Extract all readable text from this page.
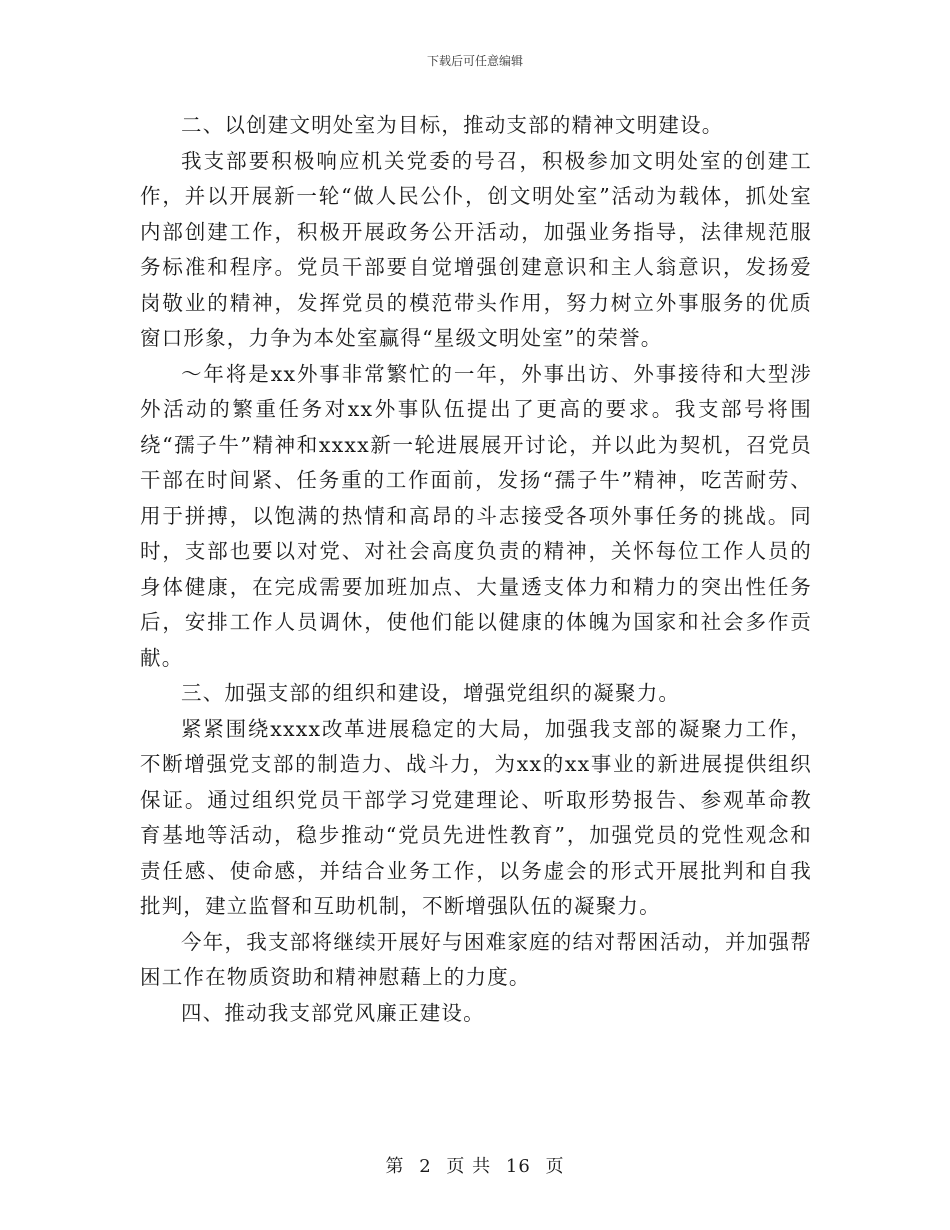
下载后可任意编辑

二、以创建文明处室为目标，推动支部的精神文明建设。

我支部要积极响应机关党委的号召，积极参加文明处室的创建工作，并以开展新一轮“做人民公仆，创文明处室”活动为载体，抓处室内部创建工作，积极开展政务公开活动，加强业务指导，法律规范服务标准和程序。党员干部要自觉增强创建意识和主人翁意识，发扬爱岗敬业的精神，发挥党员的模范带头作用，努力树立外事服务的优质窗口形象，力争为本处室赢得“星级文明处室”的荣誉。

～年将是xx外事非常繁忙的一年，外事出访、外事接待和大型涉外活动的繁重任务对xx外事队伍提出了更高的要求。我支部号将围绕“孺子牛”精神和xxxx新一轮进展展开讨论，并以此为契机，召党员干部在时间紧、任务重的工作面前，发扬“孺子牛”精神，吃苦耐劳、用于拼搏，以饱满的热情和高昂的斗志接受各项外事任务的挑战。同时，支部也要以对党、对社会高度负责的精神，关怀每位工作人员的身体健康，在完成需要加班加点、大量透支体力和精力的突出性任务后，安排工作人员调休，使他们能以健康的体魄为国家和社会多作贡献。

三、加强支部的组织和建设，增强党组织的凝聚力。

紧紧围绕xxxx改革进展稳定的大局，加强我支部的凝聚力工作，不断增强党支部的制造力、战斗力，为xx的xx事业的新进展提供组织保证。通过组织党员干部学习党建理论、听取形势报告、参观革命教育基地等活动，稳步推动“党员先进性教育”，加强党员的党性观念和责任感、使命感，并结合业务工作，以务虚会的形式开展批判和自我批判，建立监督和互助机制，不断增强队伍的凝聚力。

今年，我支部将继续开展好与困难家庭的结对帮困活动，并加强帮困工作在物质资助和精神慰藉上的力度。

四、推动我支部党风廉正建设。

第 2 页 共 16 页
